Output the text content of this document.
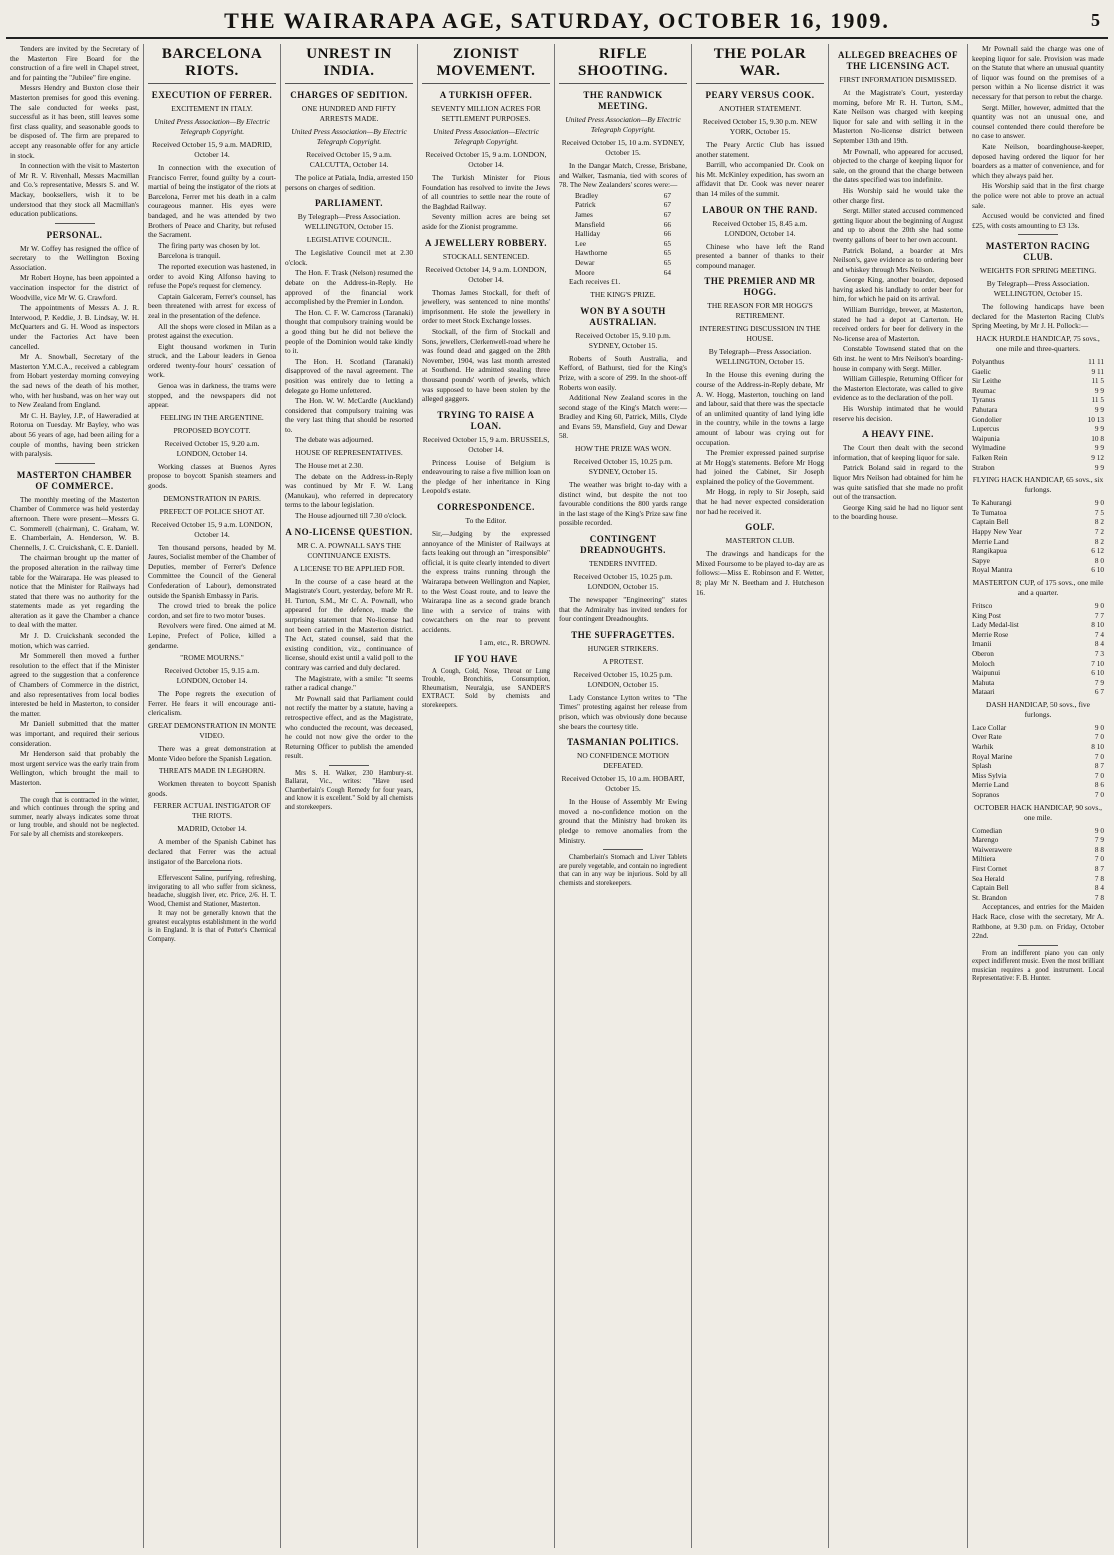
THE WAIRARAPA AGE, SATURDAY, OCTOBER 16, 1909.	5

Tenders are invited by the Secretary of the Masterton Fire Board for the construction of a fire well in Chapel street, and for painting the "Jubilee" fire engine.

Messrs Hendry and Buxton close their Masterton premises for good this evening. The sale conducted for weeks past, successful as it has been, still leaves some first class quality, and seasonable goods to be disposed of. The firm are prepared to accept any reasonable offer for any article in stock.

In connection with the visit to Masterton of Mr R. V. Rivenhall, Messrs Macmillan and Co.'s representative, Messrs S. and W. Mackay, booksellers, wish it to be understood that they stock all Macmillan's education publications.

PERSONAL.

Mr W. Coffey has resigned the office of secretary to the Wellington Boxing Association.

Mr Robert Hoyne, has been appointed a vaccination inspector for the district of Woodville, vice Mr W. G. Crawford.

The appointments of Messrs A. J. R. Interwood, P. Keddie, J. B. Lindsay, W. H. McQuarters and G. H. Wood as inspectors under the Factories Act have been cancelled.

Mr A. Snowball, Secretary of the Masterton Y.M.C.A., received a cablegram from Hobart yesterday morning conveying the sad news of the death of his mother, who, with her husband, was on her way out to New Zealand from England.

Mr C. H. Bayley, J.P., of Haweradied at Rotorua on Tuesday. Mr Bayley, who was about 56 years of age, had been ailing for a couple of months, having been stricken with paralysis.

MASTERTON CHAMBER OF COMMERCE.

The monthly meeting of the Masterton Chamber of Commerce was held yesterday afternoon. There were present—Messrs G. C. Sommerell (chairman), C. Graham, W. E. Chamberlain, A. Henderson, W. B. Chennells, J. C. Cruickshank, C. E. Daniell.

The chairman brought up the matter of the proposed alteration in the railway time table for the Wairarapa. He was pleased to notice that the Minister for Railways had stated that there was no authority for the statements made as yet regarding the alteration as it gave the Chamber a chance to deal with the matter.

Mr J. D. Cruickshank seconded the motion, which was carried.

Mr Sommerell then moved a further resolution to the effect that if the Minister agreed to the suggestion that a conference of Chambers of Commerce in the district, and also representatives from local bodies interested be held in Masterton, to consider the matter.

Mr Daniell submitted that the matter was important, and required their serious consideration.

Mr Henderson said that probably the most urgent service was the early train from Wellington, which brought the mail to Masterton.

The cough that is contracted in the winter, and which continues through the spring and summer, nearly always indicates some throat or lung trouble, and should not be neglected. For sale by all chemists and storekeepers.

BARCELONA RIOTS.
EXECUTION OF FERRER.
EXCITEMENT IN ITALY.
United Press Association—By Electric Telegraph Copyright.
Received October 15, 9 a.m. MADRID, October 14.

In connection with the execution of Francisco Ferrer, found guilty by a court-martial of being the instigator of the riots at Barcelona, Ferrer met his death in a calm courageous manner. His eyes were bandaged, and he was attended by two Brothers of Peace and Charity, but refused the Sacrament.

The firing party was chosen by lot.

Barcelona is tranquil.

The reported execution was hastened, in order to avoid King Alfonso having to refuse the Pope's request for clemency.

Captain Galceram, Ferrer's counsel, has been threatened with arrest for excess of zeal in the presentation of the defence.

All the shops were closed in Milan as a protest against the execution.

Eight thousand workmen in Turin struck, and the Labour leaders in Genoa ordered twenty-four hours' cessation of work.

Genoa was in darkness, the trams were stopped, and the newspapers did not appear.

FEELING IN THE ARGENTINE.
PROPOSED BOYCOTT.
Received October 15, 9.20 a.m. LONDON, October 14.

Working classes at Buenos Ayres propose to boycott Spanish steamers and goods.

DEMONSTRATION IN PARIS.
PREFECT OF POLICE SHOT AT.
Received October 15, 9 a.m. LONDON, October 14.

Ten thousand persons, headed by M. Jaures, Socialist member of the Chamber of Deputies, member of Ferrer's Defence Committee the Council of the General Confederation of Labour), demonstrated outside the Spanish Embassy in Paris.

The crowd tried to break the police cordon, and set fire to two motor 'buses.

Revolvers were fired. One aimed at M. Lepine, Prefect of Police, killed a gendarme.

"ROME MOURNS."
Received October 15, 9.15 a.m. LONDON, October 14.

The Pope regrets the execution of Ferrer. He fears it will encourage anti-clericalism.

GREAT DEMONSTRATION IN MONTE VIDEO.

There was a great demonstration at Monte Video before the Spanish Legation.

THREATS MADE IN LEGHORN.

Workmen threaten to boycott Spanish goods.

FERRER ACTUAL INSTIGATOR OF THE RIOTS.
MADRID, October 14.

A member of the Spanish Cabinet has declared that Ferrer was the actual instigator of the Barcelona riots.

Effervescent Saline, purifying, refreshing, invigorating to all who suffer from sickness, headache, sluggish liver, etc. Price, 2/6. H. T. Wood, Chemist and Stationer, Masterton.

It may not be generally known that the greatest eucalyptus establishment in the world is in England. It is that of Potter's Chemical Company.

UNREST IN INDIA.
CHARGES OF SEDITION.
ONE HUNDRED AND FIFTY ARRESTS MADE.
United Press Association—By Electric Telegraph Copyright.
Received October 15, 9 a.m. CALCUTTA, October 14.

The police at Patiala, India, arrested 150 persons on charges of sedition.

PARLIAMENT.
By Telegraph—Press Association. WELLINGTON, October 15.
LEGISLATIVE COUNCIL.

The Legislative Council met at 2.30 o'clock.

The Hon. F. Trask (Nelson) resumed the debate on the Address-in-Reply. He approved of the financial work accomplished by the Premier in London.

The Hon. C. F. W. Carncross (Taranaki) thought that compulsory training would be a good thing but he did not believe the people of the Dominion would take kindly to it.

The Hon. H. Scotland (Taranaki) disapproved of the naval agreement. The position was entirely due to letting a delegate go Home unfettered.

The Hon. W. W. McCardle (Auckland) considered that compulsory training was the very last thing that should be resorted to.

The debate was adjourned.

HOUSE OF REPRESENTATIVES.

The House met at 2.30.

The debate on the Address-in-Reply was continued by Mr F. W. Lang (Manukau), who referred in deprecatory terms to the labour legislation.

The House adjourned till 7.30 o'clock.

A NO-LICENSE QUESTION.
MR C. A. POWNALL SAYS THE CONTINUANCE EXISTS.
A LICENSE TO BE APPLIED FOR.

In the course of a case heard at the Magistrate's Court, yesterday, before Mr R. H. Turton, S.M., Mr C. A. Pownall, who appeared for the defence, made the surprising statement that No-license had not been carried in the Masterton district. The Act, stated counsel, said that the existing condition, viz., continuance of license, should exist until a valid poll to the contrary was carried and duly declared.

The Magistrate, with a smile: "It seems rather a radical change."

Mr Pownall said that Parliament could not rectify the matter by a statute, having a retrospective effect, and as the Magistrate, who conducted the recount, was deceased, he could not now give the order to the Returning Officer to publish the amended result.

Mrs S. H. Walker, 230 Hambury-st. Ballarat, Vic., writes: "Have used Chamberlain's Cough Remedy for four years, and know it is excellent." Sold by all chemists and storekeepers.

ZIONIST MOVEMENT.
A TURKISH OFFER.
SEVENTY MILLION ACRES FOR SETTLEMENT PURPOSES.
United Press Association—Electric Telegraph Copyright.
Received October 15, 9 a.m. LONDON, October 14.

The Turkish Minister for Pious Foundation has resolved to invite the Jews of all countries to settle near the route of the Baghdad Railway.

Seventy million acres are being set aside for the Zionist programme.

A JEWELLERY ROBBERY.
STOCKALL SENTENCED.
Received October 14, 9 a.m. LONDON, October 14.

Thomas James Stockall, for theft of jewellery, was sentenced to nine months' imprisonment. He stole the jewellery in order to meet Stock Exchange losses.

Stockall, of the firm of Stockall and Sons, jewellers, Clerkenwell-road where he was found dead and gagged on the 28th November, 1904, was last month arrested at Southend. He admitted stealing three thousand pounds' worth of jewels, which was supposed to have been stolen by the alleged gaggers.

TRYING TO RAISE A LOAN.
Received October 15, 9 a.m. BRUSSELS, October 14.

Princess Louise of Belgium is endeavouring to raise a five million loan on the pledge of her inheritance in King Leopold's estate.

CORRESPONDENCE.
To the Editor.

Sir,—Judging by the expressed annoyance of the Minister of Railways at facts leaking out through an "irresponsible" official, it is quite clearly intended to divert the express trains running through the Wairarapa between Wellington and Napier, to the West Coast route, and to leave the Wairarapa line as a second grade branch line with a service of trains with cowcatchers on the rear to prevent accidents.

I am, etc., R. BROWN.
IF YOU HAVE

A Cough, Cold, Nose, Throat or Lung Trouble, Bronchitis, Consumption, Rheumatism, Neuralgia, use SANDER'S EXTRACT. Sold by chemists and storekeepers.

RIFLE SHOOTING.
THE RANDWICK MEETING.
United Press Association—By Electric Telegraph Copyright.
Received October 15, 10 a.m. SYDNEY, October 15.

In the Dangar Match, Cresse, Brisbane, and Walker, Tasmania, tied with scores of 78. The New Zealanders' scores were:—

Bradley	67
Patrick	67
James	67
Mansfield	66
Halliday	66
Lee	65
Hawthorne	65
Dewar	65
Moore	64

Each receives £1.

THE KING'S PRIZE.
WON BY A SOUTH AUSTRALIAN.
Received October 15, 9.10 p.m. SYDNEY, October 15.

Roberts of South Australia, and Kefford, of Bathurst, tied for the King's Prize, with a score of 299. In the shoot-off Roberts won easily.

Additional New Zealand scores in the second stage of the King's Match were:—Bradley and King 60, Patrick, Mills, Clyde and Evans 59, Mansfield, Guy and Dewar 58.

HOW THE PRIZE WAS WON.
Received October 15, 10.25 p.m. SYDNEY, October 15.

The weather was bright to-day with a distinct wind, but despite the not too favourable conditions the 800 yards range in the last stage of the King's Prize saw fine possible recorded.

CONTINGENT DREADNOUGHTS.
TENDERS INVITED.
Received October 15, 10.25 p.m. LONDON, October 15.

The newspaper "Engineering" states that the Admiralty has invited tenders for four contingent Dreadnoughts.

THE SUFFRAGETTES.
HUNGER STRIKERS.
A PROTEST.
Received October 15, 10.25 p.m. LONDON, October 15.

Lady Constance Lytton writes to "The Times" protesting against her release from prison, which was obviously done because she bears the courtesy title.

TASMANIAN POLITICS.
NO CONFIDENCE MOTION DEFEATED.
Received October 15, 10 a.m. HOBART, October 15.

In the House of Assembly Mr Ewing moved a no-confidence motion on the ground that the Ministry had broken its pledge to remove anomalies from the Ministry.

Chamberlain's Stomach and Liver Tablets are purely vegetable, and contain no ingredient that can in any way be injurious. Sold by all chemists and storekeepers.

THE POLAR WAR.
PEARY VERSUS COOK.
ANOTHER STATEMENT.
Received October 15, 9.30 p.m. NEW YORK, October 15.

The Peary Arctic Club has issued another statement.

Barrill, who accompanied Dr. Cook on his Mt. McKinley expedition, has sworn an affidavit that Dr. Cook was never nearer than 14 miles of the summit.

LABOUR ON THE RAND.
Received October 15, 8.45 a.m. LONDON, October 14.

Chinese who have left the Rand presented a banner of thanks to their compound manager.

THE PREMIER AND MR HOGG.
THE REASON FOR MR HOGG'S RETIREMENT.
INTERESTING DISCUSSION IN THE HOUSE.
By Telegraph—Press Association. WELLINGTON, October 15.

In the House this evening during the course of the Address-in-Reply debate, Mr A. W. Hogg, Masterton, touching on land and labour, said that there was the spectacle of an unlimited quantity of land lying idle in the country, while in the towns a large amount of labour was crying out for occupation.

The Premier expressed pained surprise at Mr Hogg's statements. Before Mr Hogg had joined the Cabinet, Sir Joseph explained the policy of the Government.

Mr Hogg, in reply to Sir Joseph, said that he had never expected consideration nor had he received it.

GOLF.
MASTERTON CLUB.

The drawings and handicaps for the Mixed Foursome to be played to-day are as follows:—Miss E. Robinson and F. Wetter, 8; play Mr N. Beetham and J. Hutcheson 16.

ALLEGED BREACHES OF THE LICENSING ACT.
FIRST INFORMATION DISMISSED.

At the Magistrate's Court, yesterday morning, before Mr R. H. Turton, S.M., Kate Neilson was charged with keeping liquor for sale and with selling it in the Masterton No-license district between September 13th and 19th.

Mr Pownall, who appeared for accused, objected to the charge of keeping liquor for sale, on the ground that the charge between the dates specified was too indefinite.

His Worship said he would take the other charge first.

Sergt. Miller stated accused commenced getting liquor about the beginning of August and up to about the 20th she had some twenty gallons of beer to her own account.

Patrick Boland, a boarder at Mrs Neilson's, gave evidence as to ordering beer and whiskey through Mrs Neilson.

George King, another boarder, deposed having asked his landlady to order beer for him, for which he paid on its arrival.

William Burridge, brewer, at Masterton, stated he had a depot at Carterton. He received orders for beer for delivery in the No-license area of Masterton.

Constable Townsend stated that on the 6th inst. he went to Mrs Neilson's boarding-house in company with Sergt. Miller.

William Gillespie, Returning Officer for the Masterton Electorate, was called to give evidence as to the declaration of the poll.

His Worship intimated that he would reserve his decision.

A HEAVY FINE.

The Court then dealt with the second information, that of keeping liquor for sale.

Patrick Boland said in regard to the liquor Mrs Neilson had obtained for him he was quite satisfied that she made no profit out of the transaction.

George King said he had no liquor sent to the boarding house.

Mr Pownall said the charge was one of keeping liquor for sale. Provision was made on the Statute that where an unusual quantity of liquor was found on the premises of a person within a No license district it was necessary for that person to rebut the charge.

Sergt. Miller, however, admitted that the quantity was not an unusual one, and counsel contended there could therefore be no case to answer.

Kate Neilson, boardinghouse-keeper, deposed having ordered the liquor for her boarders as a matter of convenience, and for which they always paid her.

His Worship said that in the first charge the police were not able to prove an actual sale.

Accused would be convicted and fined £25, with costs amounting to £3 13s.

MASTERTON RACING CLUB.
WEIGHTS FOR SPRING MEETING.
By Telegraph—Press Association. WELLINGTON, October 15.

The following handicaps have been declared for the Masterton Racing Club's Spring Meeting, by Mr J. H. Pollock:—

HACK HURDLE HANDICAP, 75 sovs., one mile and three-quarters.
Polyanthus	11 11
Gaelic	9 11
Sir Leithe	11 5
Reumac	9 9
Tyranus	11 5
Pahutara	9 9
Gondolier	10 13
Lupercus	9 9
Waipunia	10 8
Wylmadine	9 9
Falken Rein	9 12
Strabon	9 9
FLYING HACK HANDICAP, 65 sovs., six furlongs.
Te Kahurangi	9 0
Te Tumatoa	7 5
Captain Bell	8 2
Happy New Year	7 2
Merrie Land	8 2
Rangikapua	6 12
Sapye	8 0
Royal Mantra	6 10
MASTERTON CUP, of 175 sovs., one mile and a quarter.
Fritsco	9 0
King Post	7 7
Lady Medal-list	8 10
Merrie Rose	7 4
Irnanii	8 4
Oberon	7 3
Moloch	7 10
Waipunui	6 10
Mahuta	7 9
Mataari	6 7
DASH HANDICAP, 50 sovs., five furlongs.
Lace Collar	9 0
Over Rate	7 0
Warhik	8 10
Royal Marine	7 0
Splash	8 7
Miss Sylvia	7 0
Merrie Land	8 6
Sopranos	7 0
OCTOBER HACK HANDICAP, 90 sovs., one mile.
Comedian	9 0
Marengo	7 9
Waiwerawere	8 8
Miltiera	7 0
First Cornet	8 7
Sea Herald	7 8
Captain Bell	8 4
St. Brandon	7 8

Acceptances, and entries for the Maiden Hack Race, close with the secretary, Mr A. Rathbone, at 9.30 p.m. on Friday, October 22nd.

From an indifferent piano you can only expect indifferent music. Even the most brilliant musician requires a good instrument. Local Representative: F. B. Hunter.
